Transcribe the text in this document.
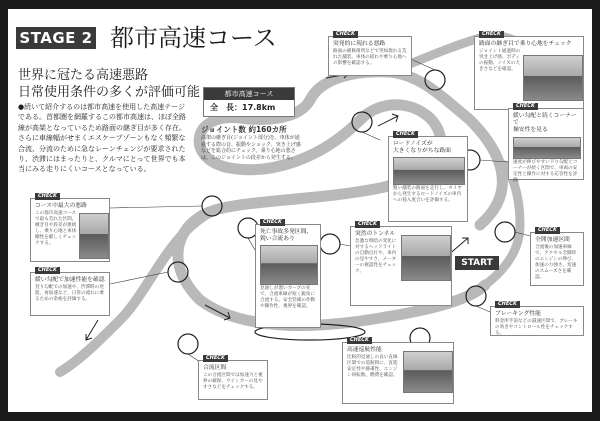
STAGE 2 都市高速コース
世界に冠たる高速悪路
日常使用条件の多くが評価可能
●続いて紹介するのは都市高速を使用した高速テージである。首都圏を網羅するこの都市高速は、ほぼ全路線が高架となっているため路面の継ぎ目が多く存在。さらに車線幅がせまくエスケープゾーンもなく頻繁な合流、分流のために急なレーンチェンジが要求されたり、渋滞にはまったりと、クルマにとって世界でも本当にみる走りにくいコースとなっている。
都市高速コース
全　長：17.8km
ジョイント数 約160カ所
高架の継ぎ目(ジョイント部分)を、車体が通過する際の音、振動やショック、突き上げ感などを総合的にチェック。乗り心地の悪さは、このジョイントの段差から発生する。
START
CHECK
突発的に現れる悪路
路面の補修箇所などで突如現れる荒れた舗装。車体の揺れや乗り心地への影響を確認する。
CHECK
路面の継ぎ目で乗り心地をチェック
ジョイント通過時の突き上げ感、ボディの振動、ノイズの大きさなどを確認。
CHECK
ロードノイズが
大きくなりがちな路面
粗い舗装の路面を走行し、タイヤから発生するロードノイズの車内への侵入度合いを評価する。
CHECK
緩い勾配と続くコーナーで
操安性を見る
速度が伸びやすい下り勾配とコーナーが続く区間で、車両の安定性と操作に対する応答性を評価。
CHECK
コース中最大の悪路
この都市高速コースで最も荒れた区間。継ぎ目や段差が連続し、乗り心地と車体剛性を厳しくチェックする。
CHECK
死亡事故多発区間、
鋭い合流あり
見通しが悪いカーブの先で、合流車線が短く鋭角に合流する。安全装備の作動や操作性、視界を確認。
CHECK
突然のトンネル
急激な明暗の変化に対するヘッドライトの自動点灯や、車内の見やすさ、メーターの視認性をチェック。
CHECK
全開加速区間
合流後の加速車線で、アクセル全開時のエンジンの伸び、加速の力強さ、変速のスムーズさを確認。
CHECK
緩い勾配で加速性能を確認
登り勾配での加速や、渋滞時の発進、再加速など、日常の流れに乗るための余裕を評価する。
CHECK
ブレーキング性能
料金所手前などの減速区間で、ブレーキの効きやコントロール性をチェックする。
CHECK
高速巡航性能
比較的見通しの良い直線区間での巡航時に、直進安定性や静粛性、エンジン回転数、燃費を確認。
CHECK
合流区間
この合流区間では加速力と視界の確保、ウインカーの見やすさなどをチェックする。
